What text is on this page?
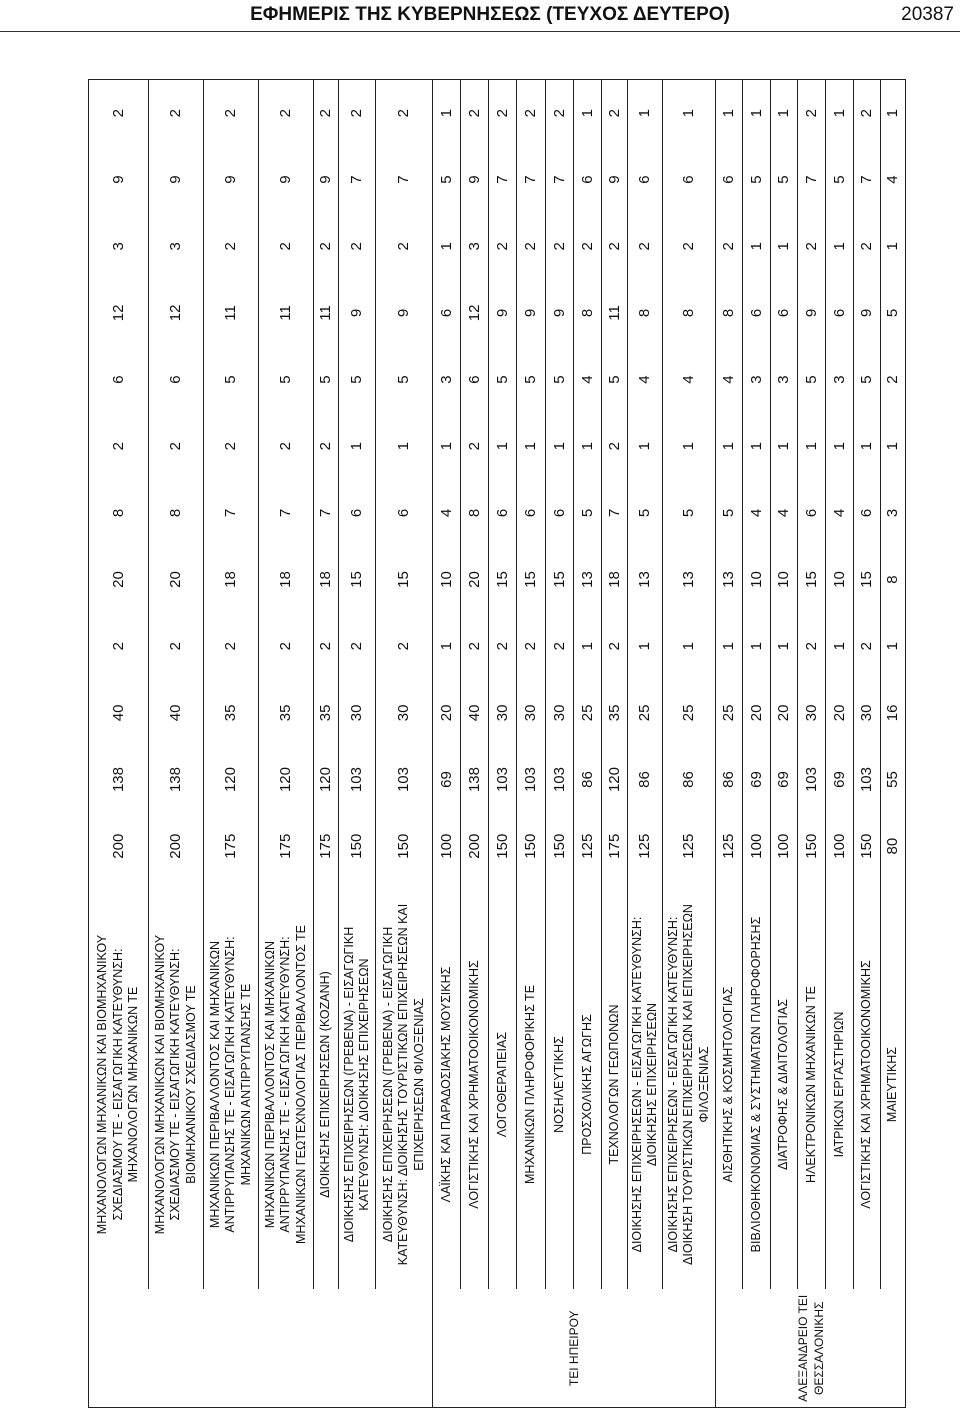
ΕΦΗΜΕΡΙΣ ΤΗΣ ΚΥΒΕΡΝΗΣΕΩΣ (ΤΕΥΧΟΣ ΔΕΥΤΕΡΟ)	20387
	ΜΗΧΑΝΟΛΟΓΩΝ ΜΗΧΑΝΙΚΩΝ ΚΑΙ ΒΙΟΜΗΧΑΝΙΚΟΥ
ΣΧΕΔΙΑΣΜΟΥ ΤΕ - ΕΙΣΑΓΩΓΙΚΗ ΚΑΤΕΥΘΥΝΣΗ:
ΜΗΧΑΝΟΛΟΓΩΝ ΜΗΧΑΝΙΚΩΝ ΤΕ	200	138	40	2	20	8	2	6	12	3	9	2
	ΜΗΧΑΝΟΛΟΓΩΝ ΜΗΧΑΝΙΚΩΝ ΚΑΙ ΒΙΟΜΗΧΑΝΙΚΟΥ
ΣΧΕΔΙΑΣΜΟΥ ΤΕ - ΕΙΣΑΓΩΓΙΚΗ ΚΑΤΕΥΘΥΝΣΗ:
ΒΙΟΜΗΧΑΝΙΚΟΥ ΣΧΕΔΙΑΣΜΟΥ ΤΕ	200	138	40	2	20	8	2	6	12	3	9	2
	ΜΗΧΑΝΙΚΩΝ ΠΕΡΙΒΑΛΛΟΝΤΟΣ ΚΑΙ ΜΗΧΑΝΙΚΩΝ
ΑΝΤΙΡΡΥΠΑΝΣΗΣ ΤΕ - ΕΙΣΑΓΩΓΙΚΗ ΚΑΤΕΥΘΥΝΣΗ:
ΜΗΧΑΝΙΚΩΝ ΑΝΤΙΡΡΥΠΑΝΣΗΣ ΤΕ	175	120	35	2	18	7	2	5	11	2	9	2
	ΜΗΧΑΝΙΚΩΝ ΠΕΡΙΒΑΛΛΟΝΤΟΣ ΚΑΙ ΜΗΧΑΝΙΚΩΝ
ΑΝΤΙΡΡΥΠΑΝΣΗΣ ΤΕ - ΕΙΣΑΓΩΓΙΚΗ ΚΑΤΕΥΘΥΝΣΗ:
ΜΗΧΑΝΙΚΩΝ ΓΕΩΤΕΧΝΟΛΟΓΙΑΣ ΠΕΡΙΒΑΛΛΟΝΤΟΣ ΤΕ	175	120	35	2	18	7	2	5	11	2	9	2
	ΔΙΟΙΚΗΣΗΣ ΕΠΙΧΕΙΡΗΣΕΩΝ (ΚΟΖΑΝΗ)	175	120	35	2	18	7	2	5	11	2	9	2
	ΔΙΟΙΚΗΣΗΣ ΕΠΙΧΕΙΡΗΣΕΩΝ (ΓΡΕΒΕΝΑ) - ΕΙΣΑΓΩΓΙΚΗ
ΚΑΤΕΥΘΥΝΣΗ: ΔΙΟΙΚΗΣΗΣ ΕΠΙΧΕΙΡΗΣΕΩΝ	150	103	30	2	15	6	1	5	9	2	7	2
	ΔΙΟΙΚΗΣΗΣ ΕΠΙΧΕΙΡΗΣΕΩΝ (ΓΡΕΒΕΝΑ) - ΕΙΣΑΓΩΓΙΚΗ
ΚΑΤΕΥΘΥΝΣΗ: ΔΙΟΙΚΗΣΗΣ ΤΟΥΡΙΣΤΙΚΩΝ ΕΠΙΧΕΙΡΗΣΕΩΝ ΚΑΙ
ΕΠΙΧΕΙΡΗΣΕΩΝ ΦΙΛΟΞΕΝΙΑΣ	150	103	30	2	15	6	1	5	9	2	7	2
ΤΕΙ ΗΠΕΙΡΟΥ	ΛΑΪΚΗΣ ΚΑΙ ΠΑΡΑΔΟΣΙΑΚΗΣ ΜΟΥΣΙΚΗΣ	100	69	20	1	10	4	1	3	6	1	5	1
	ΛΟΓΙΣΤΙΚΗΣ ΚΑΙ ΧΡΗΜΑΤΟΟΙΚΟΝΟΜΙΚΗΣ	200	138	40	2	20	8	2	6	12	3	9	2
	ΛΟΓΟΘΕΡΑΠΕΙΑΣ	150	103	30	2	15	6	1	5	9	2	7	2
	ΜΗΧΑΝΙΚΩΝ ΠΛΗΡΟΦΟΡΙΚΗΣ ΤΕ	150	103	30	2	15	6	1	5	9	2	7	2
	ΝΟΣΗΛΕΥΤΙΚΗΣ	150	103	30	2	15	6	1	5	9	2	7	2
	ΠΡΟΣΧΟΛΙΚΗΣ ΑΓΩΓΗΣ	125	86	25	1	13	5	1	4	8	2	6	1
	ΤΕΧΝΟΛΟΓΩΝ ΓΕΩΠΟΝΩΝ	175	120	35	2	18	7	2	5	11	2	9	2
	ΔΙΟΙΚΗΣΗΣ ΕΠΙΧΕΙΡΗΣΕΩΝ - ΕΙΣΑΓΩΓΙΚΗ ΚΑΤΕΥΘΥΝΣΗ:
ΔΙΟΙΚΗΣΗΣ ΕΠΙΧΕΙΡΗΣΕΩΝ	125	86	25	1	13	5	1	4	8	2	6	1
	ΔΙΟΙΚΗΣΗΣ ΕΠΙΧΕΙΡΗΣΕΩΝ - ΕΙΣΑΓΩΓΙΚΗ ΚΑΤΕΥΘΥΝΣΗ:
ΔΙΟΙΚΗΣΗ ΤΟΥΡΙΣΤΙΚΩΝ ΕΠΙΧΕΙΡΗΣΕΩΝ ΚΑΙ ΕΠΙΧΕΙΡΗΣΕΩΝ
ΦΙΛΟΞΕΝΙΑΣ	125	86	25	1	13	5	1	4	8	2	6	1
ΑΛΕΞΑΝΔΡΕΙΟ ΤΕΙ
ΘΕΣΣΑΛΟΝΙΚΗΣ	ΑΙΣΘΗΤΙΚΗΣ & ΚΟΣΜΗΤΟΛΟΓΙΑΣ	125	86	25	1	13	5	1	4	8	2	6	1
	ΒΙΒΛΙΟΘΗΚΟΝΟΜΙΑΣ & ΣΥΣΤΗΜΑΤΩΝ ΠΛΗΡΟΦΟΡΗΣΗΣ	100	69	20	1	10	4	1	3	6	1	5	1
	ΔΙΑΤΡΟΦΗΣ & ΔΙΑΙΤΟΛΟΓΙΑΣ	100	69	20	1	10	4	1	3	6	1	5	1
	ΗΛΕΚΤΡΟΝΙΚΩΝ ΜΗΧΑΝΙΚΩΝ ΤΕ	150	103	30	2	15	6	1	5	9	2	7	2
	ΙΑΤΡΙΚΩΝ ΕΡΓΑΣΤΗΡΙΩΝ	100	69	20	1	10	4	1	3	6	1	5	1
	ΛΟΓΙΣΤΙΚΗΣ ΚΑΙ ΧΡΗΜΑΤΟΟΙΚΟΝΟΜΙΚΗΣ	150	103	30	2	15	6	1	5	9	2	7	2
	ΜΑΙΕΥΤΙΚΗΣ	80	55	16	1	8	3	1	2	5	1	4	1
